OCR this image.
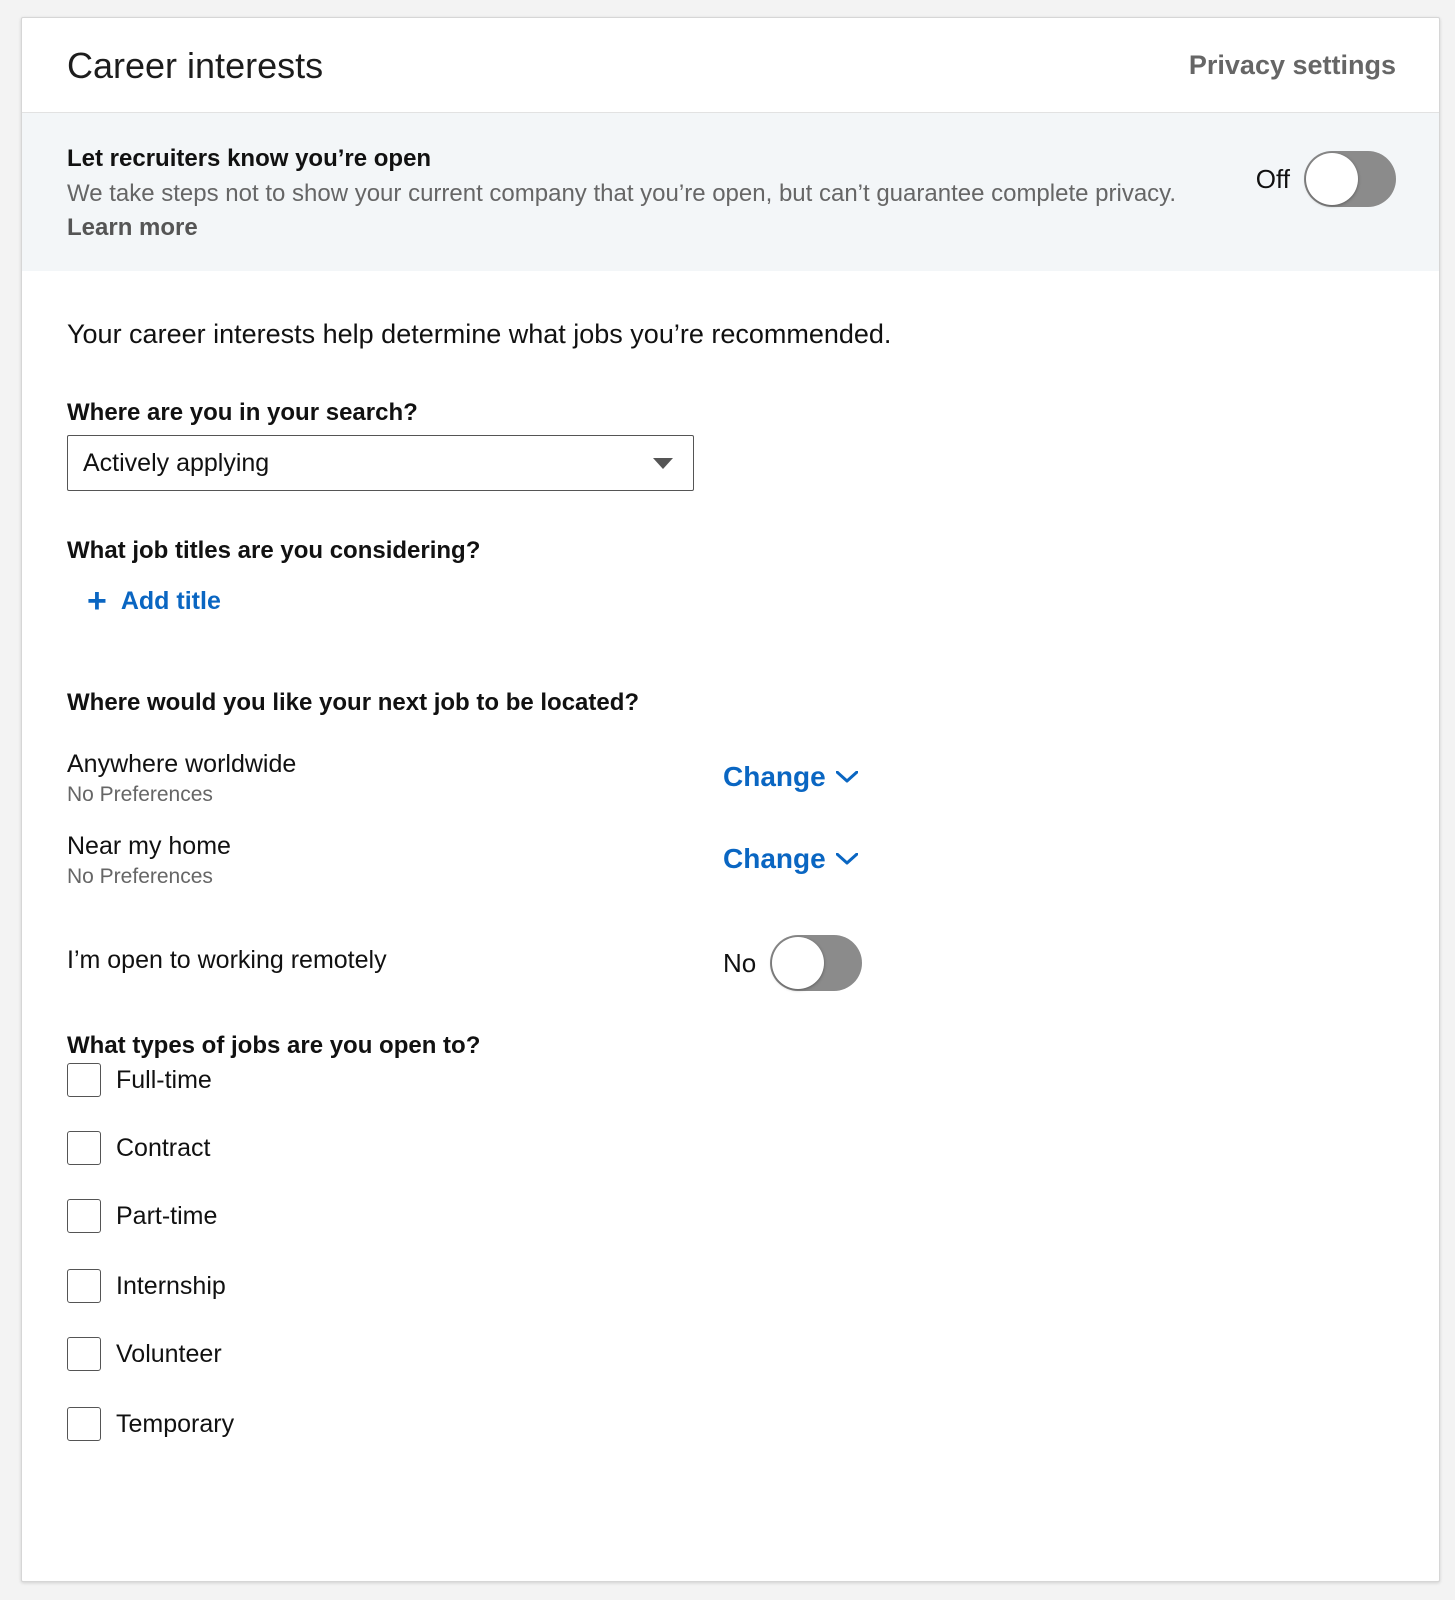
Career interests	Privacy settings
Let recruiters know you’re open
We take steps not to show your current company that you’re open, but can’t guarantee complete privacy. Learn more
Off

Your career interests help determine what jobs you’re recommended.

Where are you in your search?
Actively applying
What job titles are you considering?
+ Add title
Where would you like your next job to be located?
Anywhere worldwide
No Preferences
Change
Near my home
No Preferences
Change
I’m open to working remotely	No
What types of jobs are you open to?
Full-time
Contract
Part-time
Internship
Volunteer
Temporary
